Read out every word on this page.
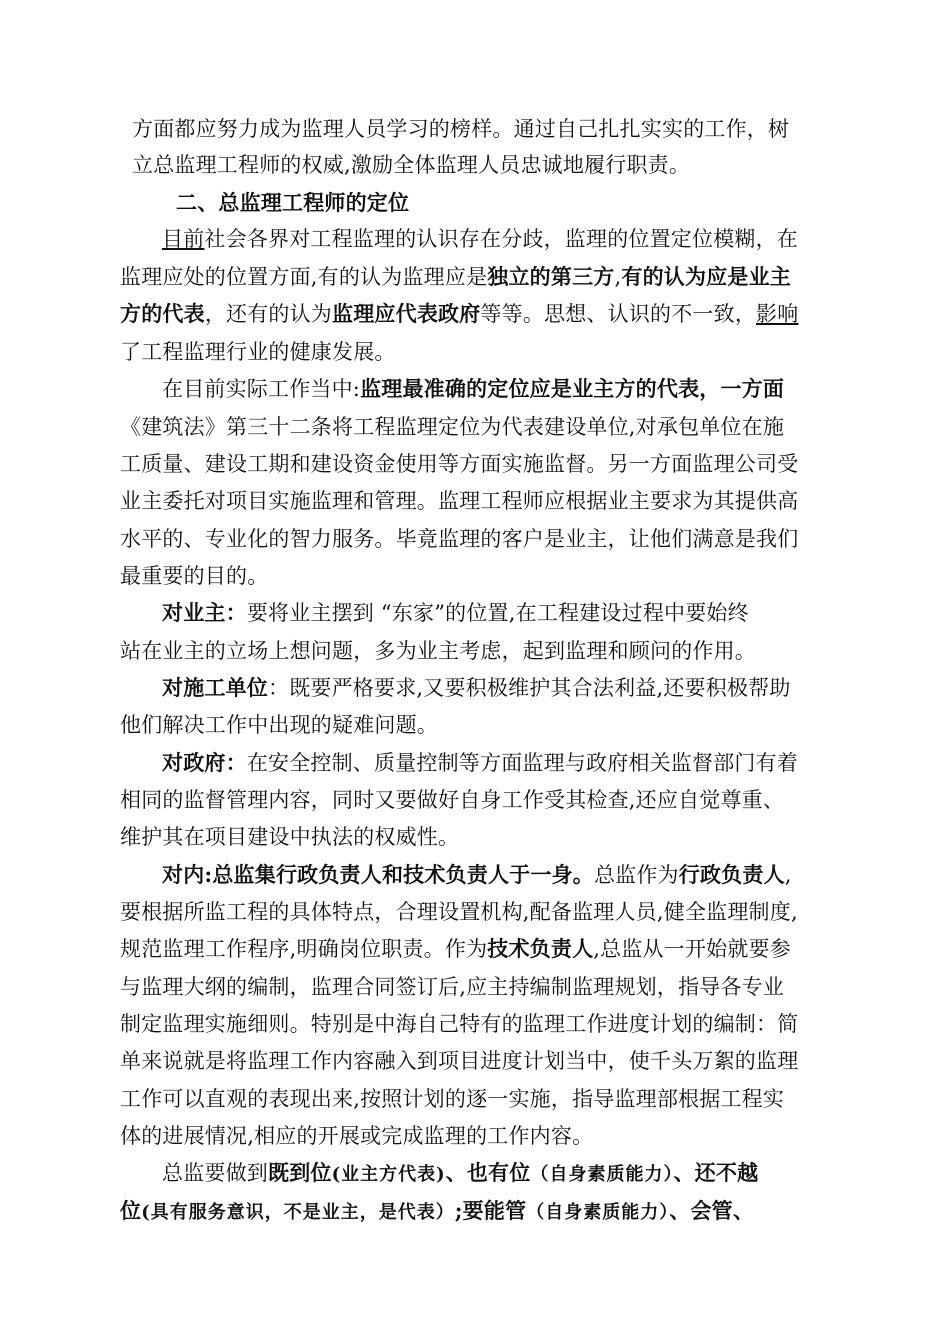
方面都应努力成为监理人员学习的榜样。通过自己扎扎实实的工作，树
立总监理工程师的权威,激励全体监理人员忠诚地履行职责。
二、总监理工程师的定位
目前社会各界对工程监理的认识存在分歧，监理的位置定位模糊，在
监理应处的位置方面,有的认为监理应是独立的第三方,有的认为应是业主
方的代表，还有的认为监理应代表政府等等。思想、认识的不一致，影响
了工程监理行业的健康发展。
在目前实际工作当中:监理最准确的定位应是业主方的代表，一方面
《建筑法》第三十二条将工程监理定位为代表建设单位,对承包单位在施
工质量、建设工期和建设资金使用等方面实施监督。另一方面监理公司受
业主委托对项目实施监理和管理。监理工程师应根据业主要求为其提供高
水平的、专业化的智力服务。毕竟监理的客户是业主，让他们满意是我们
最重要的目的。
对业主：要将业主摆到 “东家”的位置,在工程建设过程中要始终
站在业主的立场上想问题，多为业主考虑，起到监理和顾问的作用。
对施工单位：既要严格要求,又要积极维护其合法利益,还要积极帮助
他们解决工作中出现的疑难问题。
对政府：在安全控制、质量控制等方面监理与政府相关监督部门有着
相同的监督管理内容，同时又要做好自身工作受其检查,还应自觉尊重、
维护其在项目建设中执法的权威性。
对内:总监集行政负责人和技术负责人于一身。总监作为行政负责人,
要根据所监工程的具体特点，合理设置机构,配备监理人员,健全监理制度,
规范监理工作程序,明确岗位职责。作为技术负责人,总监从一开始就要参
与监理大纲的编制，监理合同签订后,应主持编制监理规划，指导各专业
制定监理实施细则。特别是中海自己特有的监理工作进度计划的编制：简
单来说就是将监理工作内容融入到项目进度计划当中，使千头万絮的监理
工作可以直观的表现出来,按照计划的逐一实施，指导监理部根据工程实
体的进展情况,相应的开展或完成监理的工作内容。
总监要做到既到位(业主方代表)、也有位（自身素质能力）、还不越
位(具有服务意识，不是业主，是代表）;要能管（自身素质能力）、会管、
